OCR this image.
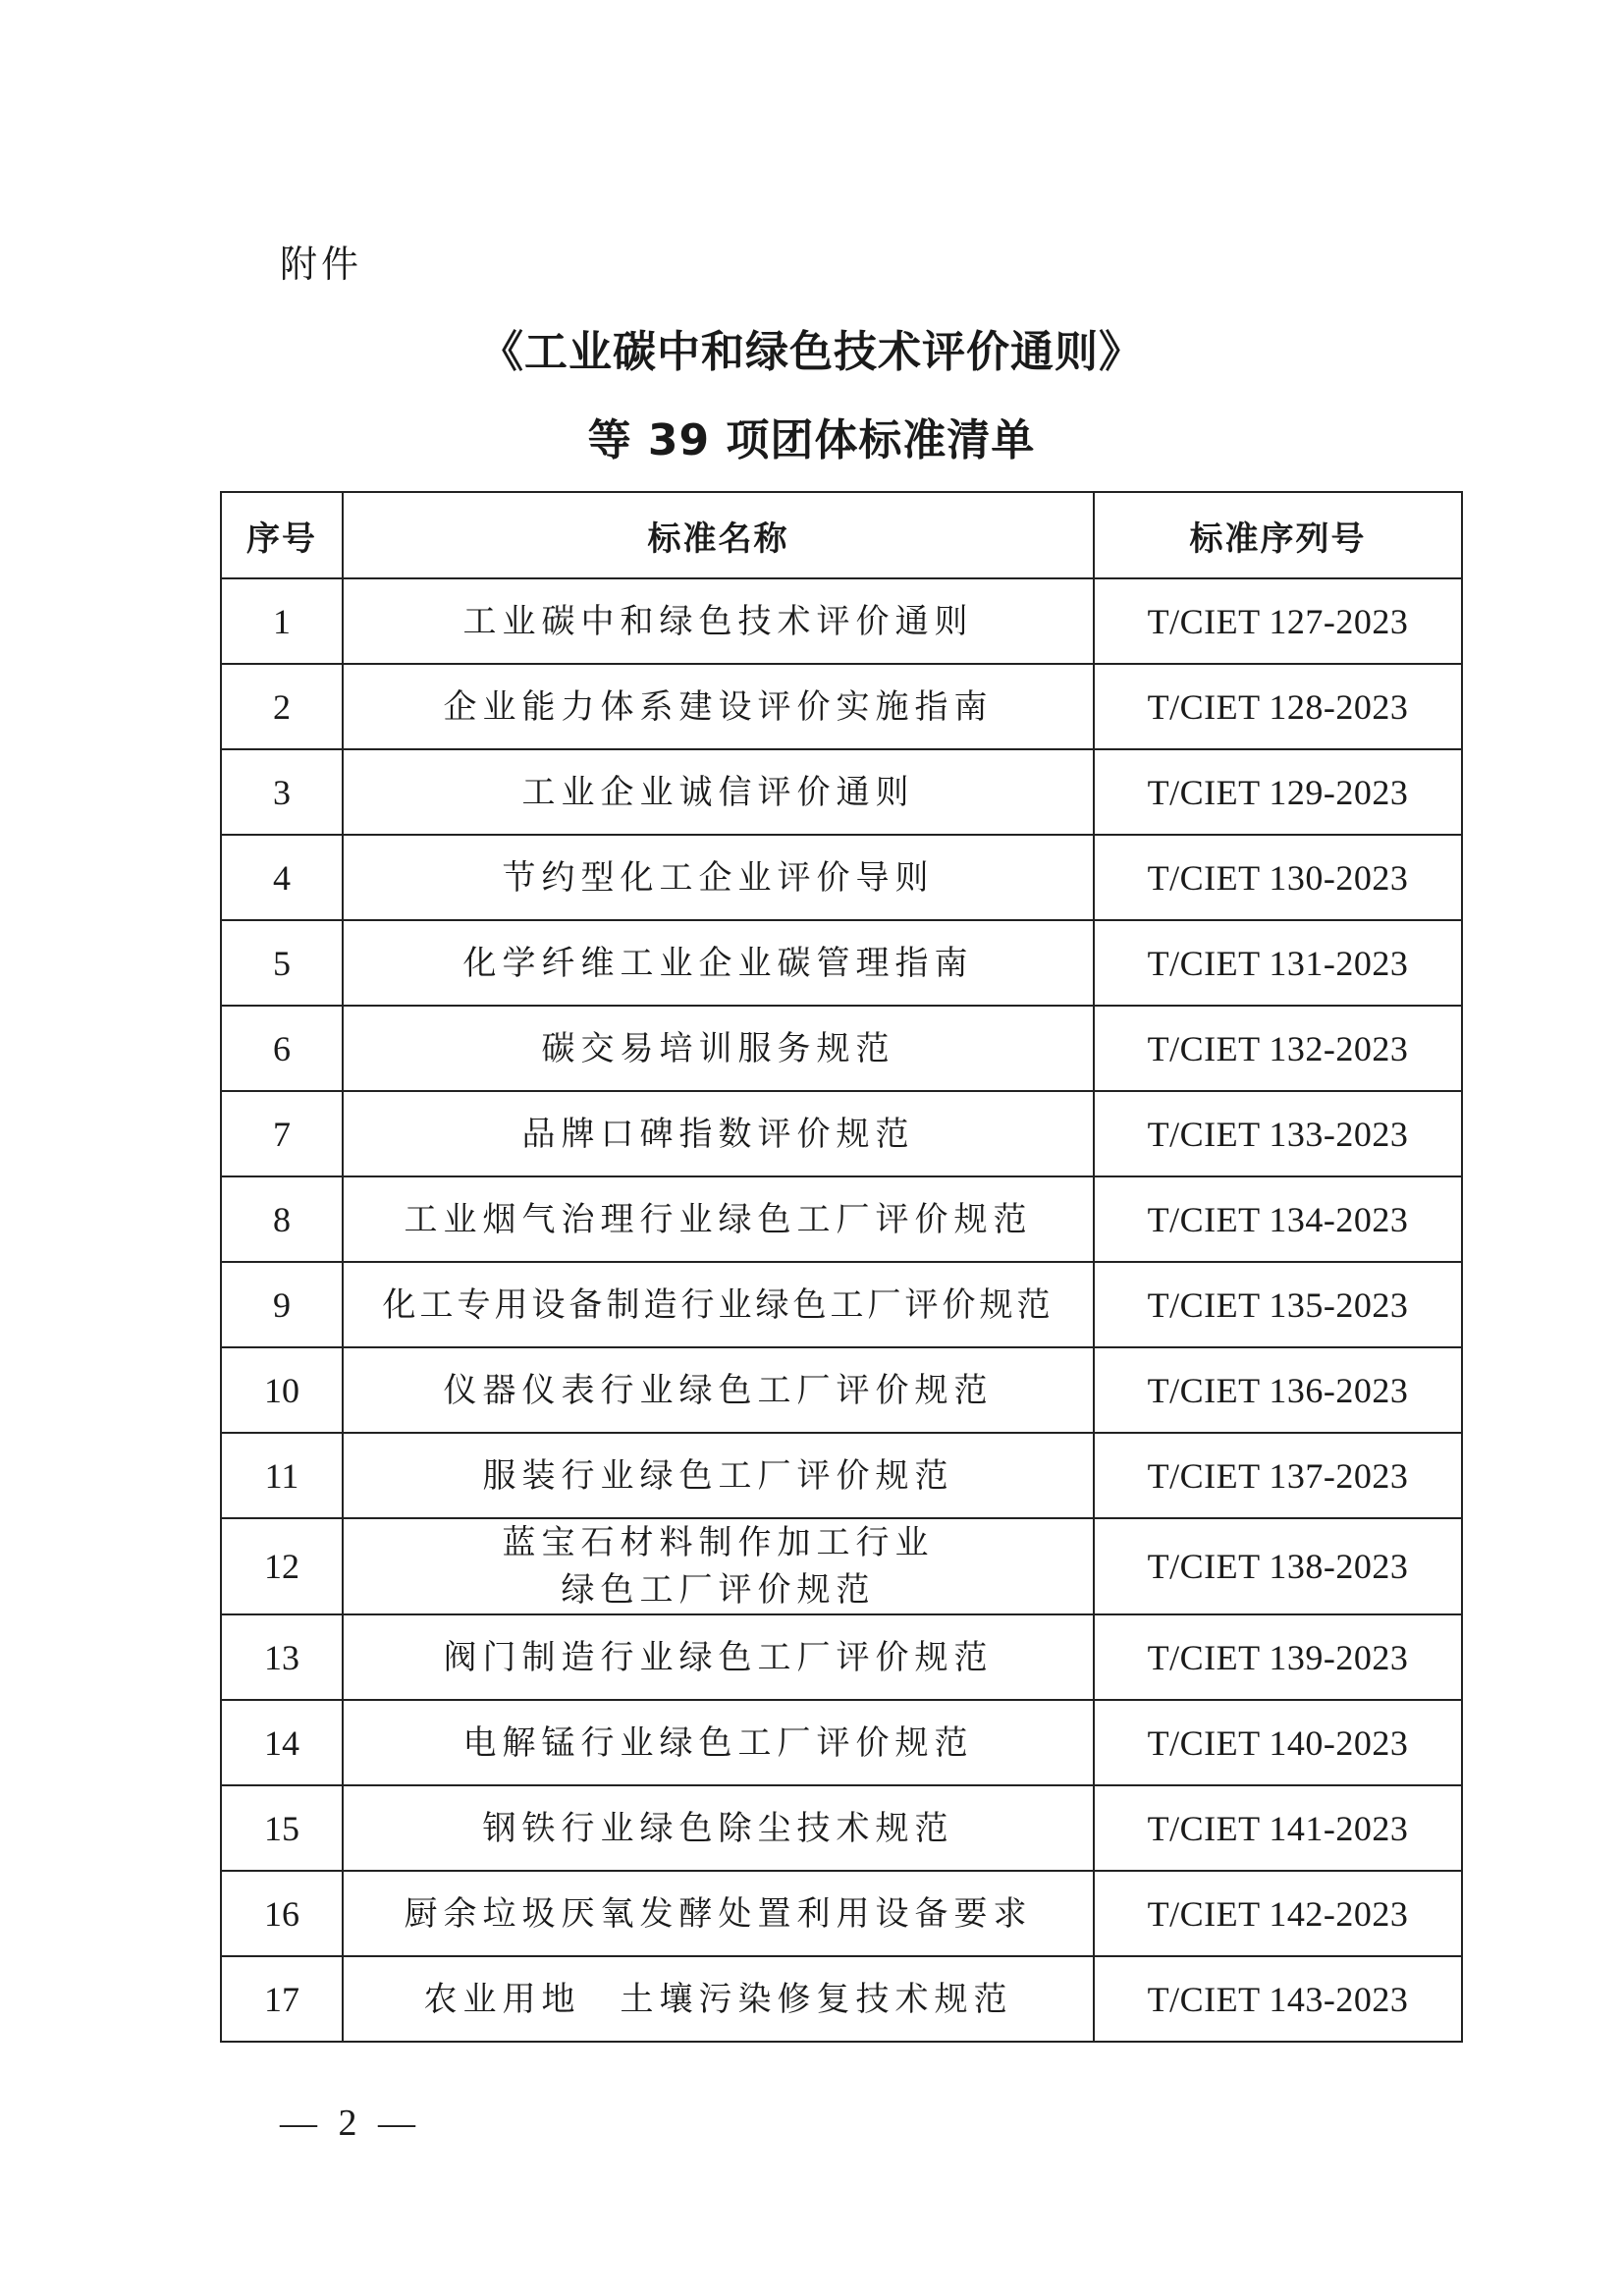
附件
《工业碳中和绿色技术评价通则》
等 39 项团体标准清单
序号	标准名称	标准序列号
1	工业碳中和绿色技术评价通则	T/CIET 127-2023
2	企业能力体系建设评价实施指南	T/CIET 128-2023
3	工业企业诚信评价通则	T/CIET 129-2023
4	节约型化工企业评价导则	T/CIET 130-2023
5	化学纤维工业企业碳管理指南	T/CIET 131-2023
6	碳交易培训服务规范	T/CIET 132-2023
7	品牌口碑指数评价规范	T/CIET 133-2023
8	工业烟气治理行业绿色工厂评价规范	T/CIET 134-2023
9	化工专用设备制造行业绿色工厂评价规范	T/CIET 135-2023
10	仪器仪表行业绿色工厂评价规范	T/CIET 136-2023
11	服装行业绿色工厂评价规范	T/CIET 137-2023
12	蓝宝石材料制作加工行业
绿色工厂评价规范	T/CIET 138-2023
13	阀门制造行业绿色工厂评价规范	T/CIET 139-2023
14	电解锰行业绿色工厂评价规范	T/CIET 140-2023
15	钢铁行业绿色除尘技术规范	T/CIET 141-2023
16	厨余垃圾厌氧发酵处置利用设备要求	T/CIET 142-2023
17	农业用地　土壤污染修复技术规范	T/CIET 143-2023
— 2 —
